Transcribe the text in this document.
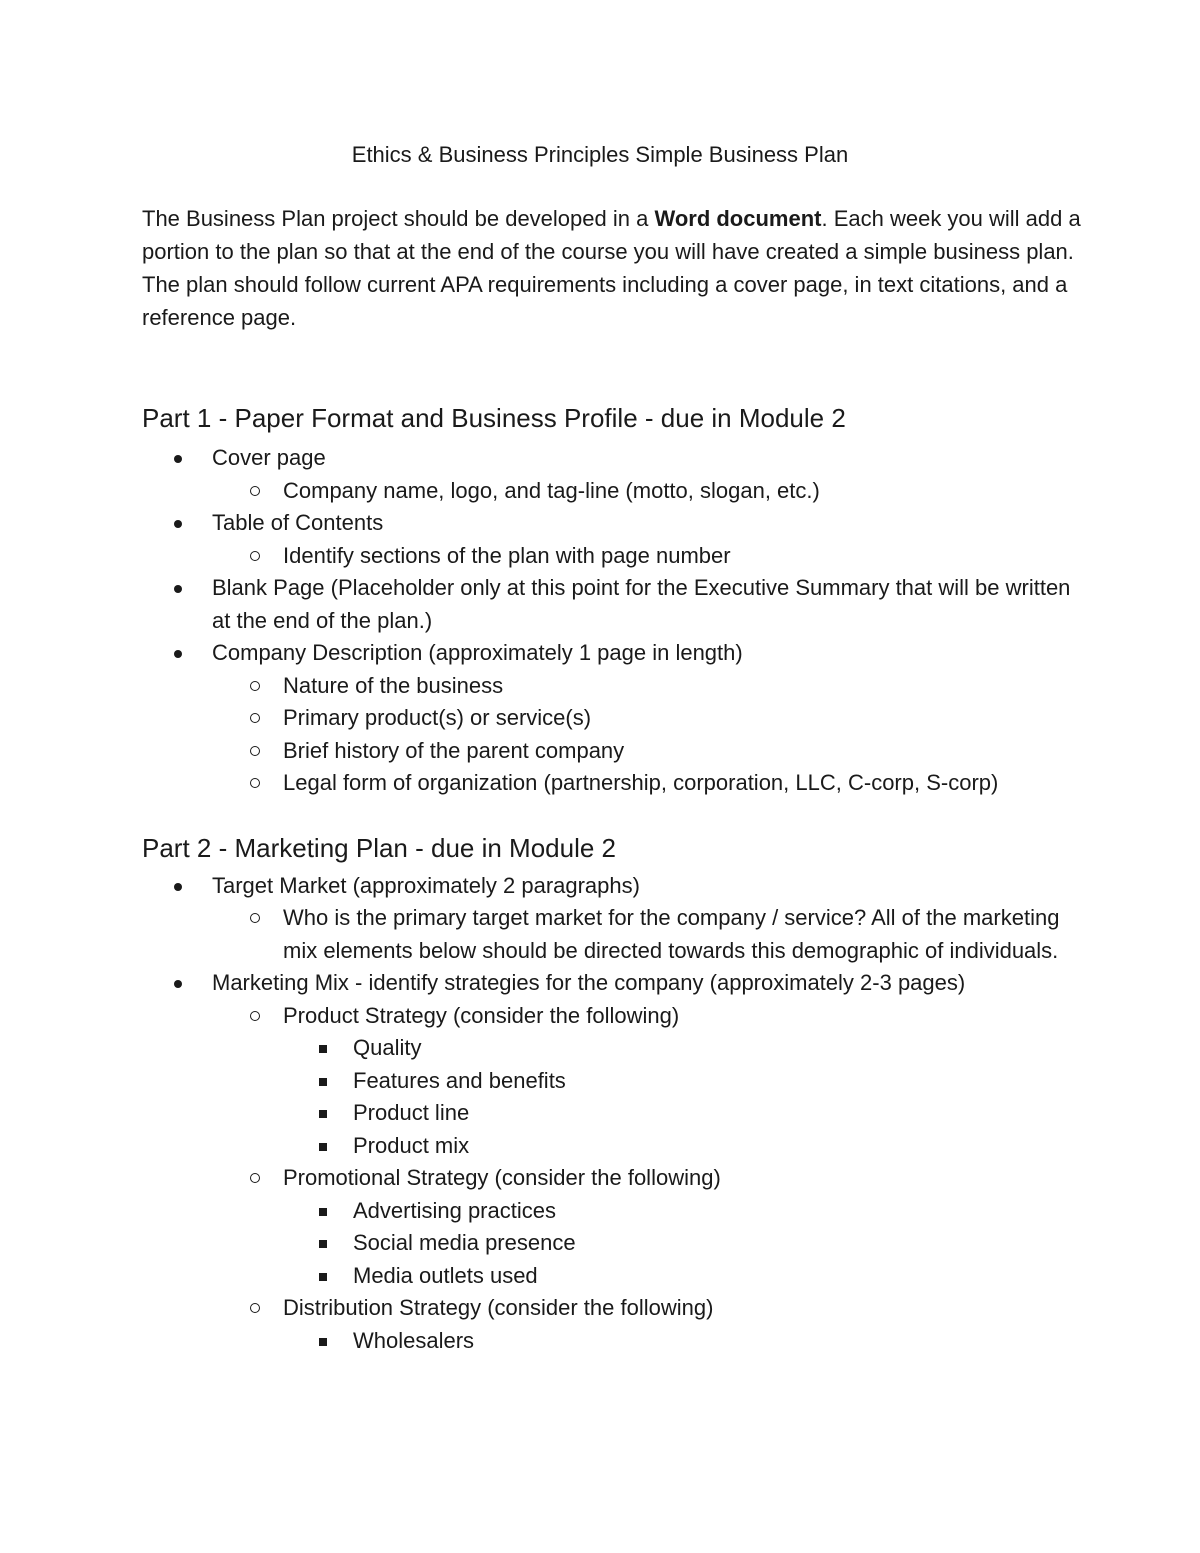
Ethics & Business Principles Simple Business Plan

The Business Plan project should be developed in a Word document. Each week you will add a portion to the plan so that at the end of the course you will have created a simple business plan. The plan should follow current APA requirements including a cover page, in text citations, and a reference page.

Part 1 - Paper Format and Business Profile - due in Module 2
Cover page
Company name, logo, and tag-line (motto, slogan, etc.)
Table of Contents
Identify sections of the plan with page number
Blank Page (Placeholder only at this point for the Executive Summary that will be written at the end of the plan.)
Company Description (approximately 1 page in length)
Nature of the business
Primary product(s) or service(s)
Brief history of the parent company
Legal form of organization (partnership, corporation, LLC, C-corp, S-corp)
Part 2 - Marketing Plan - due in Module 2
Target Market (approximately 2 paragraphs)
Who is the primary target market for the company / service? All of the marketing mix elements below should be directed towards this demographic of individuals.
Marketing Mix - identify strategies for the company (approximately 2-3 pages)
Product Strategy (consider the following)
Quality
Features and benefits
Product line
Product mix
Promotional Strategy (consider the following)
Advertising practices
Social media presence
Media outlets used
Distribution Strategy (consider the following)
Wholesalers
